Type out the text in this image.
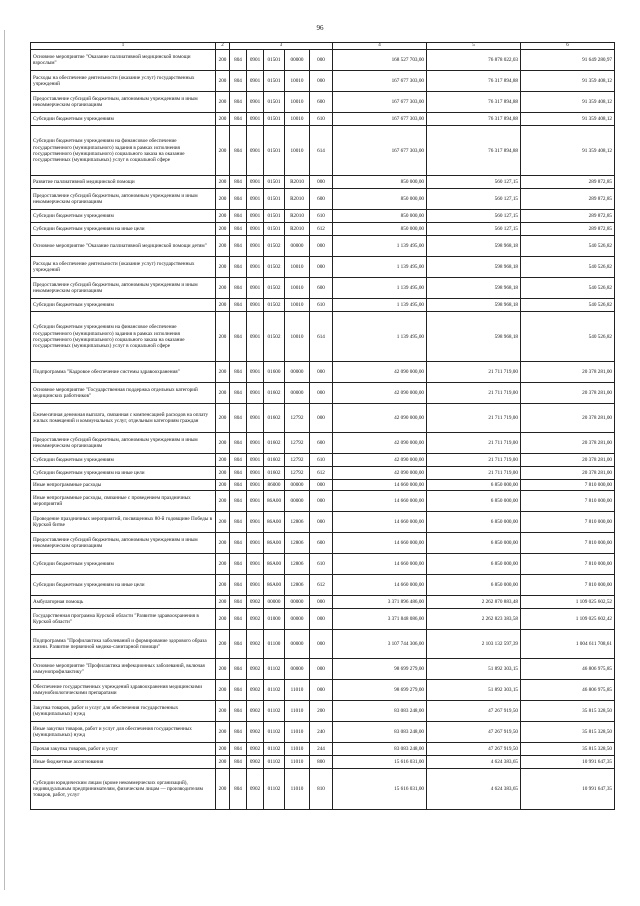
96
1	2	3					4	5	6
Основное мероприятие "Оказание паллиативной медицинской помощи взрослым"	200	804	0901	01501	00000	000	168 527 703,00	76 878 022,03	91 649 280,97
Расходы на обеспечение деятельности (оказание услуг) государственных учреждений	200	804	0901	01501	10010	000	167 677 303,00	76 317 894,88	91 359 408,12
Предоставление субсидий бюджетным, автономным учреждениям и иным некоммерческим организациям	200	804	0901	01501	10010	600	167 677 303,00	76 317 894,88	91 359 408,12
Субсидии бюджетным учреждениям	200	804	0901	01501	10010	610	167 677 303,00	76 317 894,88	91 359 408,12
Субсидии бюджетным учреждениям на финансовое обеспечение государственного (муниципального) задания в рамках исполнения государственного (муниципального) социального заказа на оказание государственных (муниципальных) услуг в социальной сфере	200	804	0901	01501	10010	614	167 677 303,00	76 317 894,88	91 359 408,12
Развитие паллиативной медицинской помощи	200	804	0901	01501	R2010	000	850 000,00	560 127,15	289 872,85
Предоставление субсидий бюджетным, автономным учреждениям и иным некоммерческим организациям	200	804	0901	01501	R2010	600	850 000,00	560 127,15	289 872,85
Субсидии бюджетным учреждениям	200	804	0901	01501	R2010	610	850 000,00	560 127,15	289 872,85
Субсидии бюджетным учреждениям на иные цели	200	804	0901	01501	R2010	612	850 000,00	560 127,15	289 872,85
Основное мероприятие "Оказание паллиативной медицинской помощи детям"	200	804	0901	01502	00000	000	1 139 495,00	598 968,18	540 526,82
Расходы на обеспечение деятельности (оказание услуг) государственных учреждений	200	804	0901	01502	10010	000	1 139 495,00	598 968,18	540 526,82
Предоставление субсидий бюджетным, автономным учреждениям и иным некоммерческим организациям	200	804	0901	01502	10010	600	1 139 495,00	598 968,18	540 526,82
Субсидии бюджетным учреждениям	200	804	0901	01502	10010	610	1 139 495,00	598 968,18	540 526,82
Субсидии бюджетным учреждениям на финансовое обеспечение государственного (муниципального) задания в рамках исполнения государственного (муниципального) социального заказа на оказание государственных (муниципальных) услуг в социальной сфере	200	804	0901	01502	10010	614	1 139 495,00	598 968,18	540 526,82
Подпрограмма "Кадровое обеспечение системы здравоохранения"	200	804	0901	01600	00000	000	42 090 000,00	21 711 719,00	20 378 281,00
Основное мероприятие "Государственная поддержка отдельных категорий медицинских работников"	200	804	0901	01602	00000	000	42 090 000,00	21 711 719,00	20 378 281,00
Ежемесячная денежная выплата, связанная с компенсацией расходов на оплату жилых помещений и коммунальных услуг, отдельным категориям граждан	200	804	0901	01602	12792	000	42 090 000,00	21 711 719,00	20 378 281,00
Предоставление субсидий бюджетным, автономным учреждениям и иным некоммерческим организациям	200	804	0901	01602	12792	600	42 090 000,00	21 711 719,00	20 378 281,00
Субсидии бюджетным учреждениям	200	804	0901	01602	12792	610	42 090 000,00	21 711 719,00	20 378 281,00
Субсидии бюджетным учреждениям на иные цели	200	804	0901	01602	12792	612	42 090 000,00	21 711 719,00	20 378 281,00
Иные непрограммные расходы	200	804	0901	86000	00000	000	14 660 000,00	6 850 000,00	7 810 000,00
Иные непрограммные расходы, связанные с проведением праздничных мероприятий	200	804	0901	86А00	00000	000	14 660 000,00	6 850 000,00	7 810 000,00
Проведение праздничных мероприятий, посвященных 80-й годовщине Победы в Курской битве	200	804	0901	86А00	12806	000	14 660 000,00	6 850 000,00	7 810 000,00
Предоставление субсидий бюджетным, автономным учреждениям и иным некоммерческим организациям	200	804	0901	86А00	12806	600	14 660 000,00	6 850 000,00	7 810 000,00
Субсидии бюджетным учреждениям	200	804	0901	86А00	12806	610	14 660 000,00	6 850 000,00	7 810 000,00
Субсидии бюджетным учреждениям на иные цели	200	804	0901	86А00	12806	612	14 660 000,00	6 850 000,00	7 810 000,00
Амбулаторная помощь	200	804	0902	00000	00000	000	3 371 896 486,00	2 262 870 883,48	1 109 025 602,52
Государственная программа Курской области "Развитие здравоохранения в Курской области"	200	804	0902	01000	00000	000	3 371 848 086,00	2 262 823 383,58	1 109 025 602,42
Подпрограмма "Профилактика заболеваний и формирование здорового образа жизни. Развитие первичной медико-санитарной помощи"	200	804	0902	01100	00000	000	3 107 744 306,00	2 103 132 597,39	1 004 611 708,61
Основное мероприятие "Профилактика инфекционных заболеваний, включая иммунопрофилактику"	200	804	0902	01102	00000	000	98 699 279,00	51 892 303,15	46 806 975,85
Обеспечение государственных учреждений здравоохранения медицинскими иммунобиологическими препаратами	200	804	0902	01102	11010	000	98 699 279,00	51 892 303,15	46 806 975,85
Закупка товаров, работ и услуг для обеспечения государственных (муниципальных) нужд	200	804	0902	01102	11010	200	83 083 248,00	47 267 919,50	35 815 328,50
Иные закупки товаров, работ и услуг для обеспечения государственных (муниципальных) нужд	200	804	0902	01102	11010	240	83 083 248,00	47 267 919,50	35 815 328,50
Прочая закупка товаров, работ и услуг	200	804	0902	01102	11010	244	83 083 248,00	47 267 919,50	35 815 328,50
Иные бюджетные ассигнования	200	804	0902	01102	11010	800	15 616 031,00	4 624 383,65	10 991 647,35
Субсидии юридическим лицам (кроме некоммерческих организаций), индивидуальным предпринимателям, физическим лицам — производителям товаров, работ, услуг	200	804	0902	01102	11010	810	15 616 031,00	4 624 383,65	10 991 647,35
